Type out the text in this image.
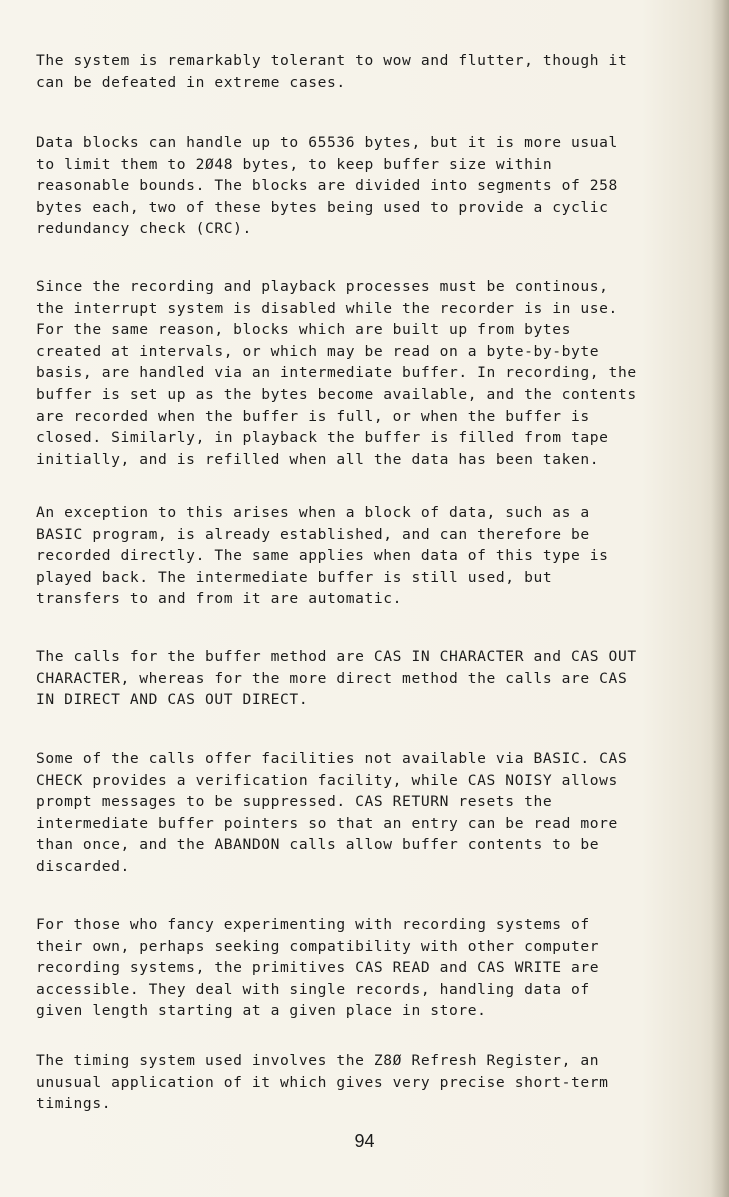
The system is remarkably tolerant to wow and flutter, though it
can be defeated in extreme cases.

Data blocks can handle up to 65536 bytes, but it is more usual
to limit them to 2Ø48 bytes, to keep buffer size within
reasonable bounds. The blocks are divided into segments of 258
bytes each, two of these bytes being used to provide a cyclic
redundancy check (CRC).

Since the recording and playback processes must be continous,
the interrupt system is disabled while the recorder is in use.
For the same reason, blocks which are built up from bytes
created at intervals, or which may be read on a byte-by-byte
basis, are handled via an intermediate buffer. In recording, the
buffer is set up as the bytes become available, and the contents
are recorded when the buffer is full, or when the buffer is
closed. Similarly, in playback the buffer is filled from tape
initially, and is refilled when all the data has been taken.

An exception to this arises when a block of data, such as a
BASIC program, is already established, and can therefore be
recorded directly. The same applies when data of this type is
played back. The intermediate buffer is still used, but
transfers to and from it are automatic.

The calls for the buffer method are CAS IN CHARACTER and CAS OUT
CHARACTER, whereas for the more direct method the calls are CAS
IN DIRECT AND CAS OUT DIRECT.

Some of the calls offer facilities not available via BASIC. CAS
CHECK provides a verification facility, while CAS NOISY allows
prompt messages to be suppressed. CAS RETURN resets the
intermediate buffer pointers so that an entry can be read more
than once, and the ABANDON calls allow buffer contents to be
discarded.

For those who fancy experimenting with recording systems of
their own, perhaps seeking compatibility with other computer
recording systems, the primitives CAS READ and CAS WRITE are
accessible. They deal with single records, handling data of
given length starting at a given place in store.

The timing system used involves the Z8Ø Refresh Register, an
unusual application of it which gives very precise short-term
timings.

94
